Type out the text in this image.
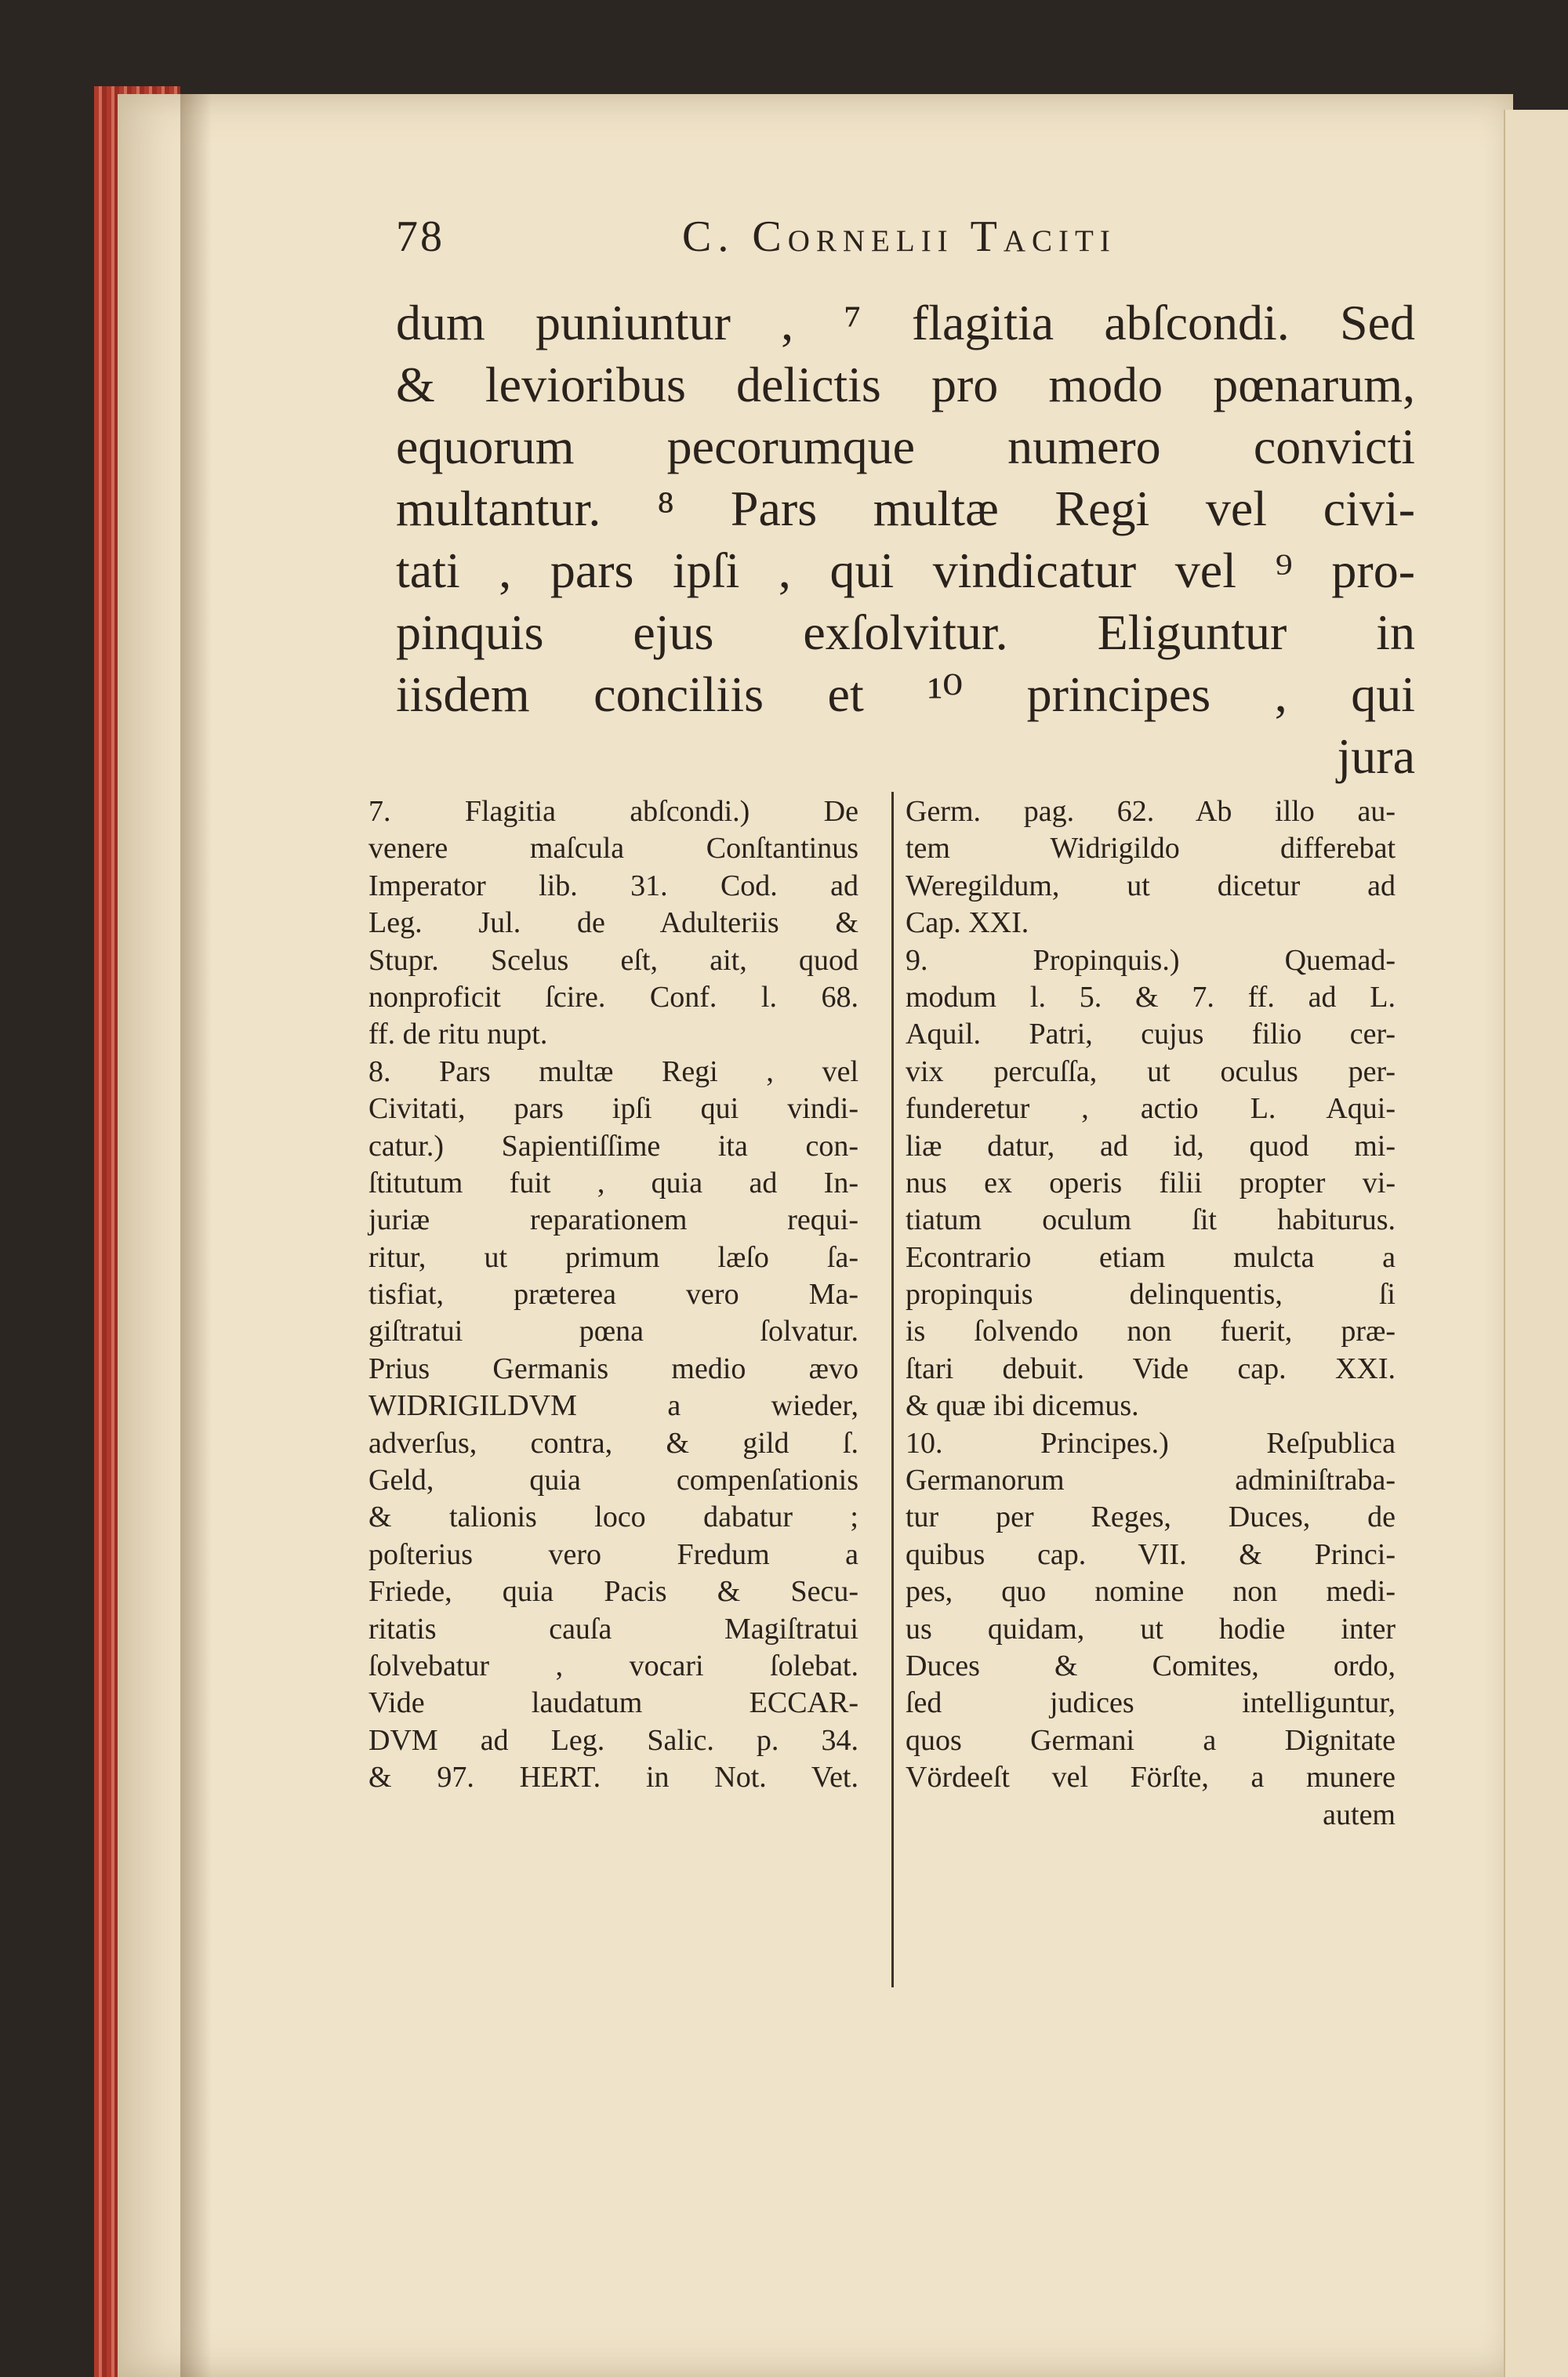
78	C. Cornelii Taciti
dum puniuntur , ⁷ flagitia abſcondi. Sed
& levioribus delictis pro modo pœnarum,
equorum pecorumque numero convicti
multantur. ⁸ Pars multæ Regi vel civi-
tati , pars ipſi , qui vindicatur vel ⁹ pro-
pinquis ejus exſolvitur. Eliguntur in
iisdem conciliis et ¹⁰ principes , qui
jura
7. Flagitia abſcondi.) De
venere maſcula Conſtantinus
Imperator lib. 31. Cod. ad
Leg. Jul. de Adulteriis &
Stupr. Scelus eſt, ait, quod
nonproficit ſcire. Conf. l. 68.
ff. de ritu nupt.
8. Pars multæ Regi , vel
Civitati, pars ipſi qui vindi-
catur.) Sapientiſſime ita con-
ſtitutum fuit , quia ad In-
juriæ reparationem requi-
ritur, ut primum læſo ſa-
tisfiat, præterea vero Ma-
giſtratui pœna ſolvatur.
Prius Germanis medio ævo
WIDRIGILDVM a wieder,
adverſus, contra, & gild ſ.
Geld, quia compenſationis
& talionis loco dabatur ;
poſterius vero Fredum a
Friede, quia Pacis & Secu-
ritatis cauſa Magiſtratui
ſolvebatur , vocari ſolebat.
Vide laudatum ECCAR-
DVM ad Leg. Salic. p. 34.
& 97. HERT. in Not. Vet.
Germ. pag. 62. Ab illo au-
tem Widrigildo differebat
Weregildum, ut dicetur ad
Cap. XXI.
9. Propinquis.) Quemad-
modum l. 5. & 7. ff. ad L.
Aquil. Patri, cujus filio cer-
vix percuſſa, ut oculus per-
funderetur , actio L. Aqui-
liæ datur, ad id, quod mi-
nus ex operis filii propter vi-
tiatum oculum ſit habiturus.
Econtrario etiam mulcta a
propinquis delinquentis, ſi
is ſolvendo non fuerit, præ-
ſtari debuit. Vide cap. XXI.
& quæ ibi dicemus.
10. Principes.) Reſpublica
Germanorum adminiſtraba-
tur per Reges, Duces, de
quibus cap. VII. & Princi-
pes, quo nomine non medi-
us quidam, ut hodie inter
Duces & Comites, ordo,
ſed judices intelliguntur,
quos Germani a Dignitate
Vördeeſt vel Förſte, a munere
autem
